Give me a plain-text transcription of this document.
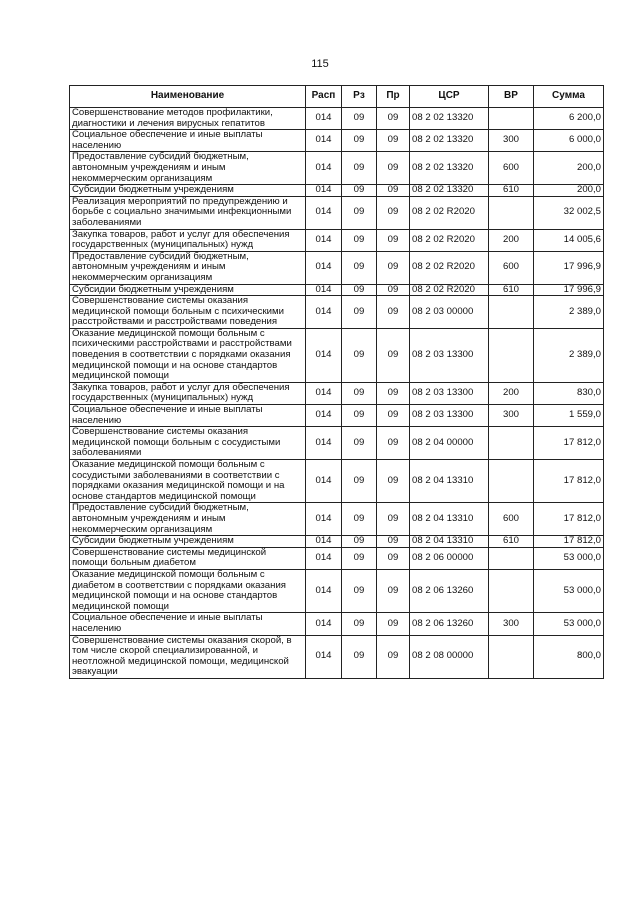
115
Наименование	Расп	Рз	Пр	ЦСР	ВР	Сумма
Совершенствование методов профилактики, диагностики и лечения вирусных гепатитов	014	09	09	08 2 02 13320		6 200,0
Социальное обеспечение и иные выплаты населению	014	09	09	08 2 02 13320	300	6 000,0
Предоставление субсидий бюджетным, автономным учреждениям и иным некоммерческим организациям	014	09	09	08 2 02 13320	600	200,0
Субсидии бюджетным учреждениям	014	09	09	08 2 02 13320	610	200,0
Реализация мероприятий по предупреждению и борьбе с социально значимыми инфекционными заболеваниями	014	09	09	08 2 02 R2020		32 002,5
Закупка товаров, работ и услуг для обеспечения государственных (муниципальных) нужд	014	09	09	08 2 02 R2020	200	14 005,6
Предоставление субсидий бюджетным, автономным учреждениям и иным некоммерческим организациям	014	09	09	08 2 02 R2020	600	17 996,9
Субсидии бюджетным учреждениям	014	09	09	08 2 02 R2020	610	17 996,9
Совершенствование системы оказания медицинской помощи больным с психическими расстройствами и расстройствами поведения	014	09	09	08 2 03 00000		2 389,0
Оказание медицинской помощи больным с психическими расстройствами и расстройствами поведения в соответствии с порядками оказания медицинской помощи и на основе стандартов медицинской помощи	014	09	09	08 2 03 13300		2 389,0
Закупка товаров, работ и услуг для обеспечения государственных (муниципальных) нужд	014	09	09	08 2 03 13300	200	830,0
Социальное обеспечение и иные выплаты населению	014	09	09	08 2 03 13300	300	1 559,0
Совершенствование системы оказания медицинской помощи больным с сосудистыми заболеваниями	014	09	09	08 2 04 00000		17 812,0
Оказание медицинской помощи больным с сосудистыми заболеваниями в соответствии с порядками оказания медицинской помощи и на основе стандартов медицинской помощи	014	09	09	08 2 04 13310		17 812,0
Предоставление субсидий бюджетным, автономным учреждениям и иным некоммерческим организациям	014	09	09	08 2 04 13310	600	17 812,0
Субсидии бюджетным учреждениям	014	09	09	08 2 04 13310	610	17 812,0
Совершенствование системы медицинской помощи больным диабетом	014	09	09	08 2 06 00000		53 000,0
Оказание медицинской помощи больным с диабетом в соответствии с порядками оказания медицинской помощи и на основе стандартов медицинской помощи	014	09	09	08 2 06 13260		53 000,0
Социальное обеспечение и иные выплаты населению	014	09	09	08 2 06 13260	300	53 000,0
Совершенствование системы оказания скорой, в том числе скорой специализированной, и неотложной медицинской помощи, медицинской эвакуации	014	09	09	08 2 08 00000		800,0
